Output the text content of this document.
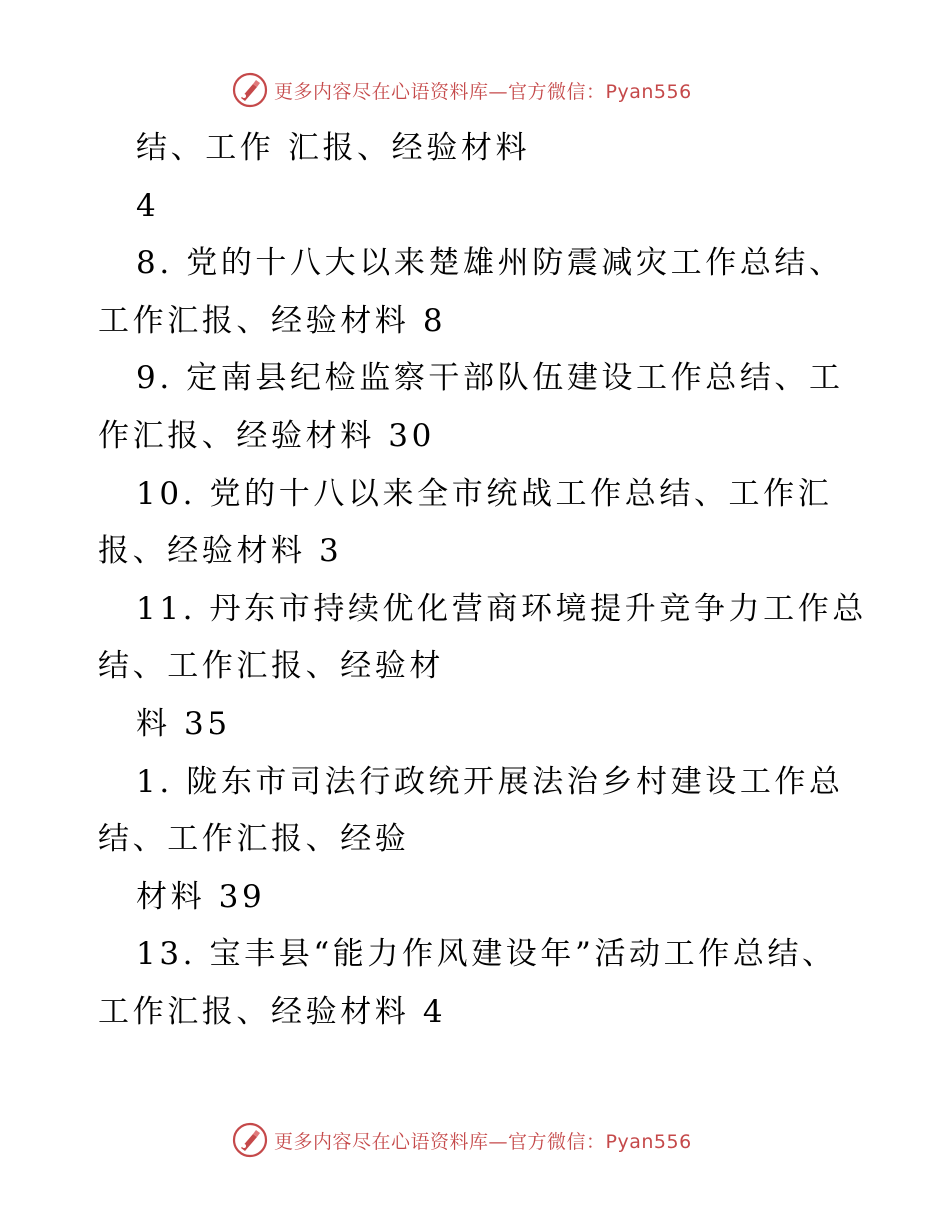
更多内容尽在心语资料库—官方微信：Pyan556
结、工作 汇报、经验材料
4
8. 党的十八大以来楚雄州防震减灾工作总结、
工作汇报、经验材料 8
9. 定南县纪检监察干部队伍建设工作总结、工
作汇报、经验材料 30
10. 党的十八以来全市统战工作总结、工作汇
报、经验材料 3
11. 丹东市持续优化营商环境提升竞争力工作总
结、工作汇报、经验材
料 35
1. 陇东市司法行政统开展法治乡村建设工作总
结、工作汇报、经验
材料 39
13. 宝丰县“能力作风建设年”活动工作总结、
工作汇报、经验材料 4
更多内容尽在心语资料库—官方微信：Pyan556
